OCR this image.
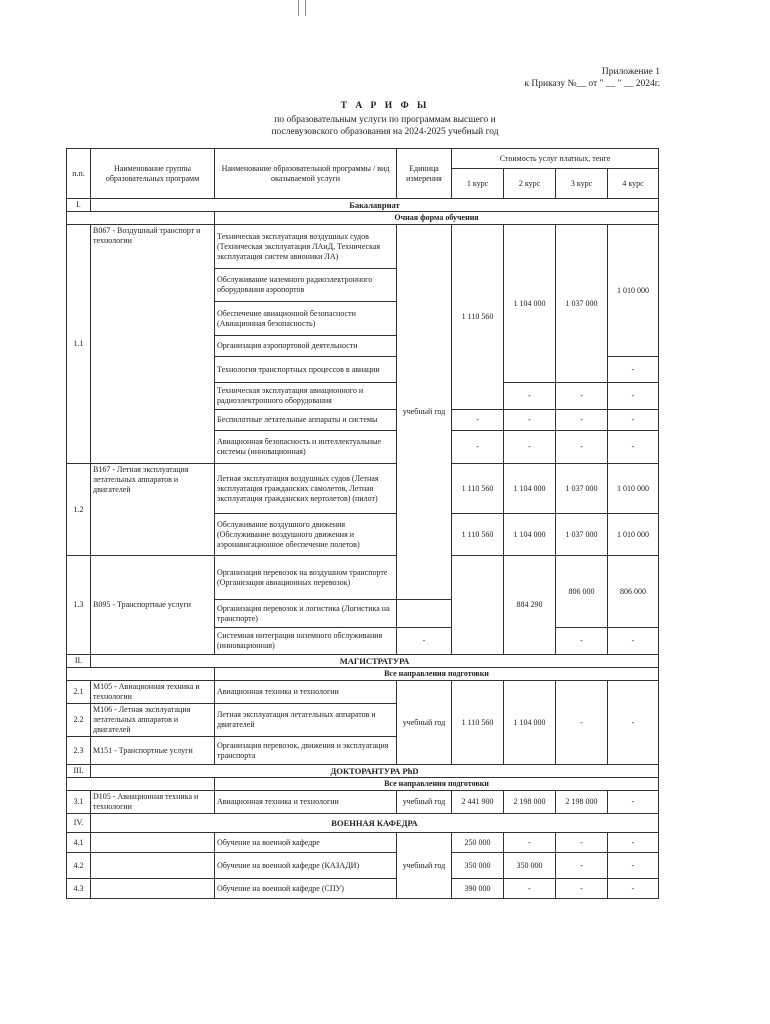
Приложение 1
к Приказу №__ от " __ " __ 2024г.
Т А Р И Ф Ы
по образовательным услуги по программам высшего и
послевузовского образования на 2024-2025 учебный год
п.п.	Наименование группы образовательных программ	Наименование образовательной программы / вид оказываемой услуги	Единица измерения	Стоимость услуг платных, тенге				
				1 курс	2 курс	3 курс	4 курс	
I.	Бакалавриат							
		Очная форма обучения						
1.1	В067 - Воздушный транспорт и технологии	Техническая эксплуатация воздушных судов (Техническая эксплуатация ЛАиД, Техническая эксплуатация систем авионики ЛА)	учебный год	1 110 560	1 104 000	1 037 000	1 010 000	
		Обслуживание наземного радиоэлектронного оборудования аэропортов						
		Обеспечение авиационной безопасности (Авиационная безопасность)						
		Организация аэропортовой деятельности						
		Технология транспортных процессов в авиации					-	
		Техническая эксплуатация авиационного и радиоэлектронного оборудования			-	-	-	
		Беспилотные летательные аппараты и системы		-	-	-	-	
		Авиационная безопасность и интеллектуальные системы (инновационная)		-	-	-	-	
1.2	В167 - Летная эксплуатация летательных аппаратов и двигателей	Летная эксплуатация воздушных судов (Летная эксплуатация гражданских самолетов, Летная эксплуатация гражданских вертолетов) (пилот)		1 110 560	1 104 000	1 037 000	1 010 000	
		Обслуживание воздушного движения (Обслуживание воздушного движения и аэронавигационное обеспечение полетов)		1 110 560	1 104 000	1 037 000	1 010 000	
1.3	В095 - Транспортные услуги	Организация перевозок на воздушном транспорте (Организация авиационных перевозок)			884 290	806 000	806 000	
		Организация перевозок и логистика (Логистика на транспорте)						
		Системная интеграция наземного обслуживания (инновационная)	-			-	-	
II.	МАГИСТРАТУРА							
		Все направления подготовки						
2.1	М105 - Авиационная техника и технологии	Авиационная техника и технологии	учебный год	1 110 560	1 104 000	-	-	
2.2	М106 - Летная эксплуатация летательных аппаратов и двигателей	Летная эксплуатация летательных аппаратов и двигателей						
2.3	М151 - Транспортные услуги	Организация перевозок, движения и эксплуатация транспорта						
III.	ДОКТОРАНТУРА PhD							
		Все направления подготовки						
3.1	D105 - Авиационная техника и технологии	Авиационная техника и технологии	учебный год	2 441 900	2 198 000	2 198 000	-	
IV.	ВОЕННАЯ КАФЕДРА							
4.1		Обучение на военной кафедре	учебный год	250 000	-	-	-	
4.2		Обучение на военной кафедре (КАЗАДИ)		350 000	350 000	-	-	
4.3		Обучение на военной кафедре (СПУ)		390 000	-	-	-	
